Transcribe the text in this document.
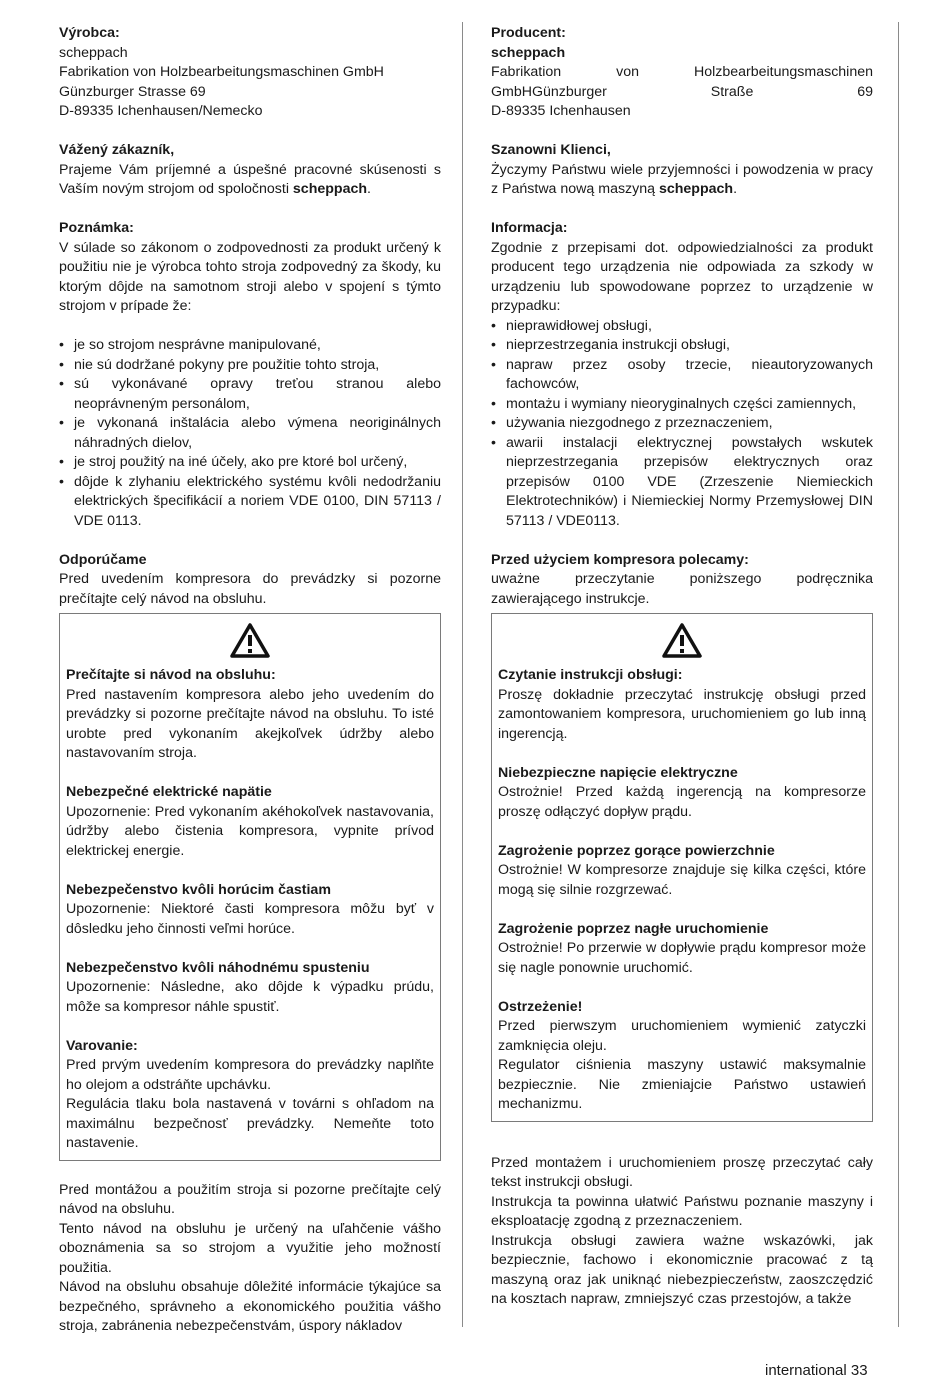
Výrobca:
scheppach
Fabrikation von Holzbearbeitungsmaschinen GmbH
Günzburger Strasse 69
D-89335 Ichenhausen/Nemecko
Vážený zákazník,
Prajeme Vám príjemné a úspešné pracovné skúsenosti s Vaším novým strojom od spoločnosti scheppach.
Poznámka:
V súlade so zákonom o zodpovednosti za produkt určený k použitiu nie je výrobca tohto stroja zodpovedný za škody, ku ktorým dôjde na samotnom stroji alebo v spojení s týmto strojom v prípade že:
• je so strojom nesprávne manipulované,
• nie sú dodržané pokyny pre použitie tohto stroja,
• sú vykonávané opravy treťou stranou alebo neoprávneným personálom,
• je vykonaná inštalácia alebo výmena neoriginálnych náhradných dielov,
• je stroj použitý na iné účely, ako pre ktoré bol určený,
• dôjde k zlyhaniu elektrického systému kvôli nedodržaniu elektrických špecifikácií a noriem VDE 0100, DIN 57113 / VDE 0113.
Odporúčame
Pred uvedením kompresora do prevádzky si pozorne prečítajte celý návod na obsluhu.
Prečítajte si návod na obsluhu:
Pred nastavením kompresora alebo jeho uvedením do prevádzky si pozorne prečítajte návod na obsluhu. To isté urobte pred vykonaním akejkoľvek údržby alebo nastavovaním stroja.
Nebezpečné elektrické napätie
Upozornenie: Pred vykonaním akéhokoľvek nastavovania, údržby alebo čistenia kompresora, vypnite prívod elektrickej energie.
Nebezpečenstvo kvôli horúcim častiam
Upozornenie: Niektoré časti kompresora môžu byť v dôsledku jeho činnosti veľmi horúce.
Nebezpečenstvo kvôli náhodnému spusteniu
Upozornenie: Následne, ako dôjde k výpadku prúdu, môže sa kompresor náhle spustiť.
Varovanie:
Pred prvým uvedením kompresora do prevádzky naplňte ho olejom a odstráňte upchávku.
Regulácia tlaku bola nastavená v továrni s ohľadom na maximálnu bezpečnosť prevádzky. Nemeňte toto nastavenie.
Pred montážou a použitím stroja si pozorne prečítajte celý návod na obsluhu.
Tento návod na obsluhu je určený na uľahčenie vášho oboznámenia sa so strojom a využitie jeho možností použitia.
Návod na obsluhu obsahuje dôležité informácie týkajúce sa bezpečného, správneho a ekonomického použitia vášho stroja, zabránenia nebezpečenstvám, úspory nákladov
Producent:
scheppach
Fabrikation von Holzbearbeitungsmaschinen GmbHGünzburger Straße 69
D-89335 Ichenhausen
Szanowni Klienci,
Życzymy Państwu wiele przyjemności i powodzenia w pracy z Państwa nową maszyną scheppach.
Informacja:
Zgodnie z przepisami dot. odpowiedzialności za produkt producent tego urządzenia nie odpowiada za szkody w urządzeniu lub spowodowane poprzez to urządzenie w przypadku:
• nieprawidłowej obsługi,
• nieprzestrzegania instrukcji obsługi,
• napraw przez osoby trzecie, nieautoryzowanych fachowców,
• montażu i wymiany nieoryginalnych części zamiennych,
• używania niezgodnego z przeznaczeniem,
• awarii instalacji elektrycznej powstałych wskutek nieprzestrzegania przepisów elektrycznych oraz przepisów 0100 VDE (Zrzeszenie Niemieckich Elektrotechników) i Niemieckiej Normy Przemysłowej DIN 57113 / VDE0113.
Przed użyciem kompresora polecamy:
uważne przeczytanie poniższego podręcznika zawierającego instrukcje.
Czytanie instrukcji obsługi:
Proszę dokładnie przeczytać instrukcję obsługi przed zamontowaniem kompresora, uruchomieniem go lub inną ingerencją.
Niebezpieczne napięcie elektryczne
Ostrożnie! Przed każdą ingerencją na kompresorze proszę odłączyć dopływ prądu.
Zagrożenie poprzez gorące powierzchnie
Ostrożnie! W kompresorze znajduje się kilka części, które mogą się silnie rozgrzewać.
Zagrożenie poprzez nagłe uruchomienie
Ostrożnie! Po przerwie w dopływie prądu kompresor może się nagle ponownie uruchomić.
Ostrzeżenie!
Przed pierwszym uruchomieniem wymienić zatyczki zamknięcia oleju.
Regulator ciśnienia maszyny ustawić maksymalnie bezpiecznie. Nie zmieniajcie Państwo ustawień mechanizmu.
Przed montażem i uruchomieniem proszę przeczytać cały tekst instrukcji obsługi.
Instrukcja ta powinna ułatwić Państwu poznanie maszyny i eksploatację zgodną z przeznaczeniem.
Instrukcja obsługi zawiera ważne wskazówki, jak bezpiecznie, fachowo i ekonomicznie pracować z tą maszyną oraz jak uniknąć niebezpieczeństw, zaoszczędzić na kosztach napraw, zmniejszyć czas przestojów, a także
international 33
